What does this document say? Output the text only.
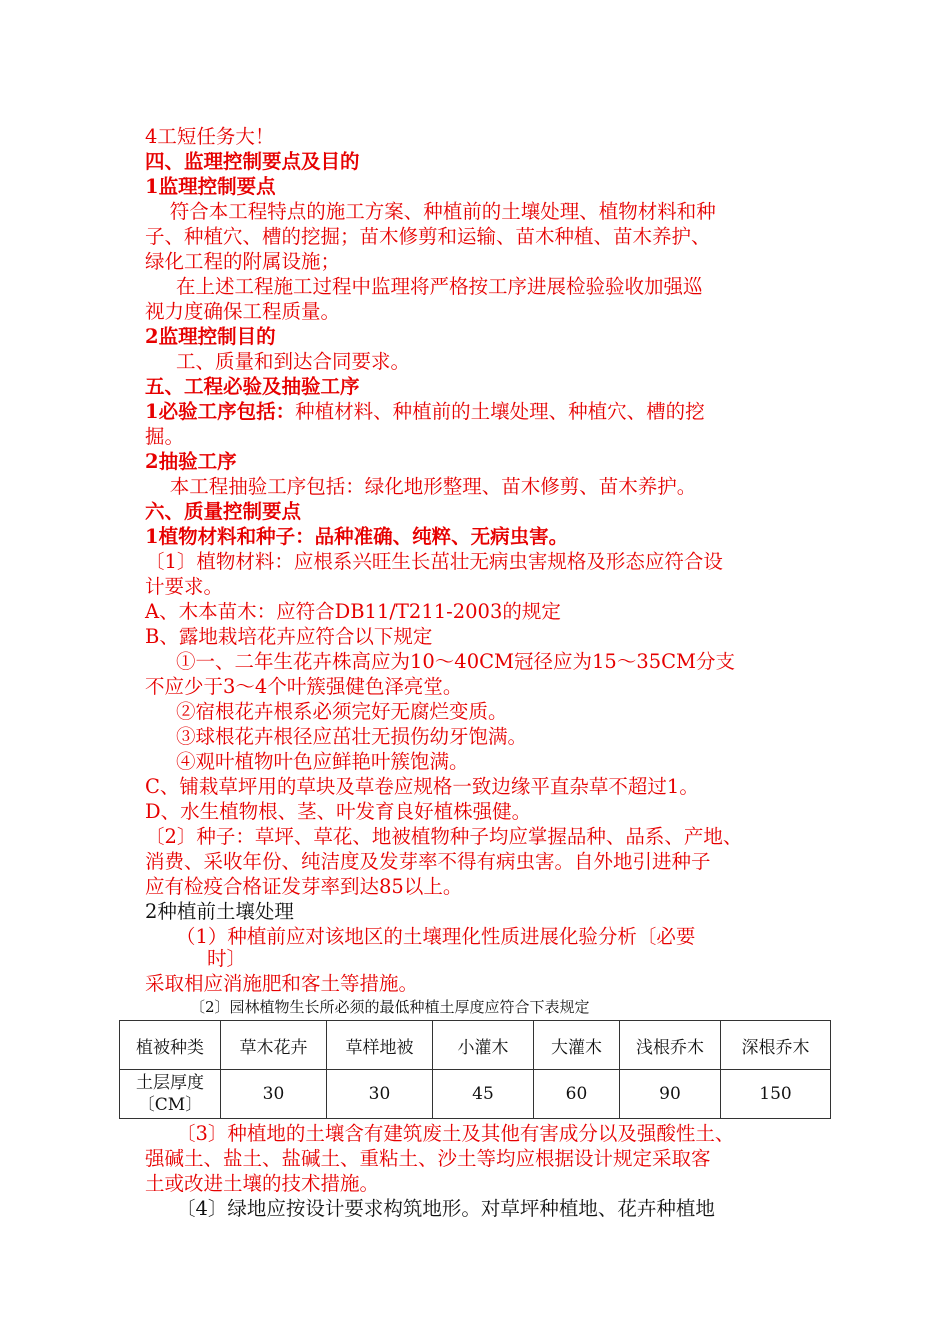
4工短任务大！
四、监理控制要点及目的
1监理控制要点
符合本工程特点的施工方案、种植前的土壤处理、植物材料和种
子、种植穴、槽的挖掘；苗木修剪和运输、苗木种植、苗木养护、
绿化工程的附属设施；
在上述工程施工过程中监理将严格按工序进展检验验收加强巡
视力度确保工程质量。
2监理控制目的
工、质量和到达合同要求。
五、工程必验及抽验工序
1必验工序包括：种植材料、种植前的土壤处理、种植穴、槽的挖
掘。
2抽验工序
本工程抽验工序包括：绿化地形整理、苗木修剪、苗木养护。
六、质量控制要点
1植物材料和种子：品种准确、纯粹、无病虫害。
〔1〕植物材料：应根系兴旺生长茁壮无病虫害规格及形态应符合设
计要求。
A、木本苗木：应符合DB11/T211-2003的规定
B、露地栽培花卉应符合以下规定
①一、二年生花卉株高应为10～40CM冠径应为15～35CM分支
不应少于3～4个叶簇强健色泽亮堂。
②宿根花卉根系必须完好无腐烂变质。
③球根花卉根径应茁壮无损伤幼牙饱满。
④观叶植物叶色应鲜艳叶簇饱满。
C、铺栽草坪用的草块及草卷应规格一致边缘平直杂草不超过1。
D、水生植物根、茎、叶发育良好植株强健。
〔2〕种子：草坪、草花、地被植物种子均应掌握品种、品系、产地、
消费、采收年份、纯洁度及发芽率不得有病虫害。自外地引进种子
应有检疫合格证发芽率到达85以上。
2种植前土壤处理
（1）种植前应对该地区的土壤理化性质进展化验分析〔必要
时〕
采取相应消施肥和客土等措施。
〔2〕园林植物生长所必须的最低种植土厚度应符合下表规定
植被种类	草木花卉	草样地被	小灌木	大灌木	浅根乔木	深根乔木

土层厚度
〔CM〕	30	30	45	60	90	150
〔3〕种植地的土壤含有建筑废土及其他有害成分以及强酸性土、
强碱土、盐土、盐碱土、重粘土、沙土等均应根据设计规定采取客
土或改进土壤的技术措施。
〔4〕绿地应按设计要求构筑地形。对草坪种植地、花卉种植地
